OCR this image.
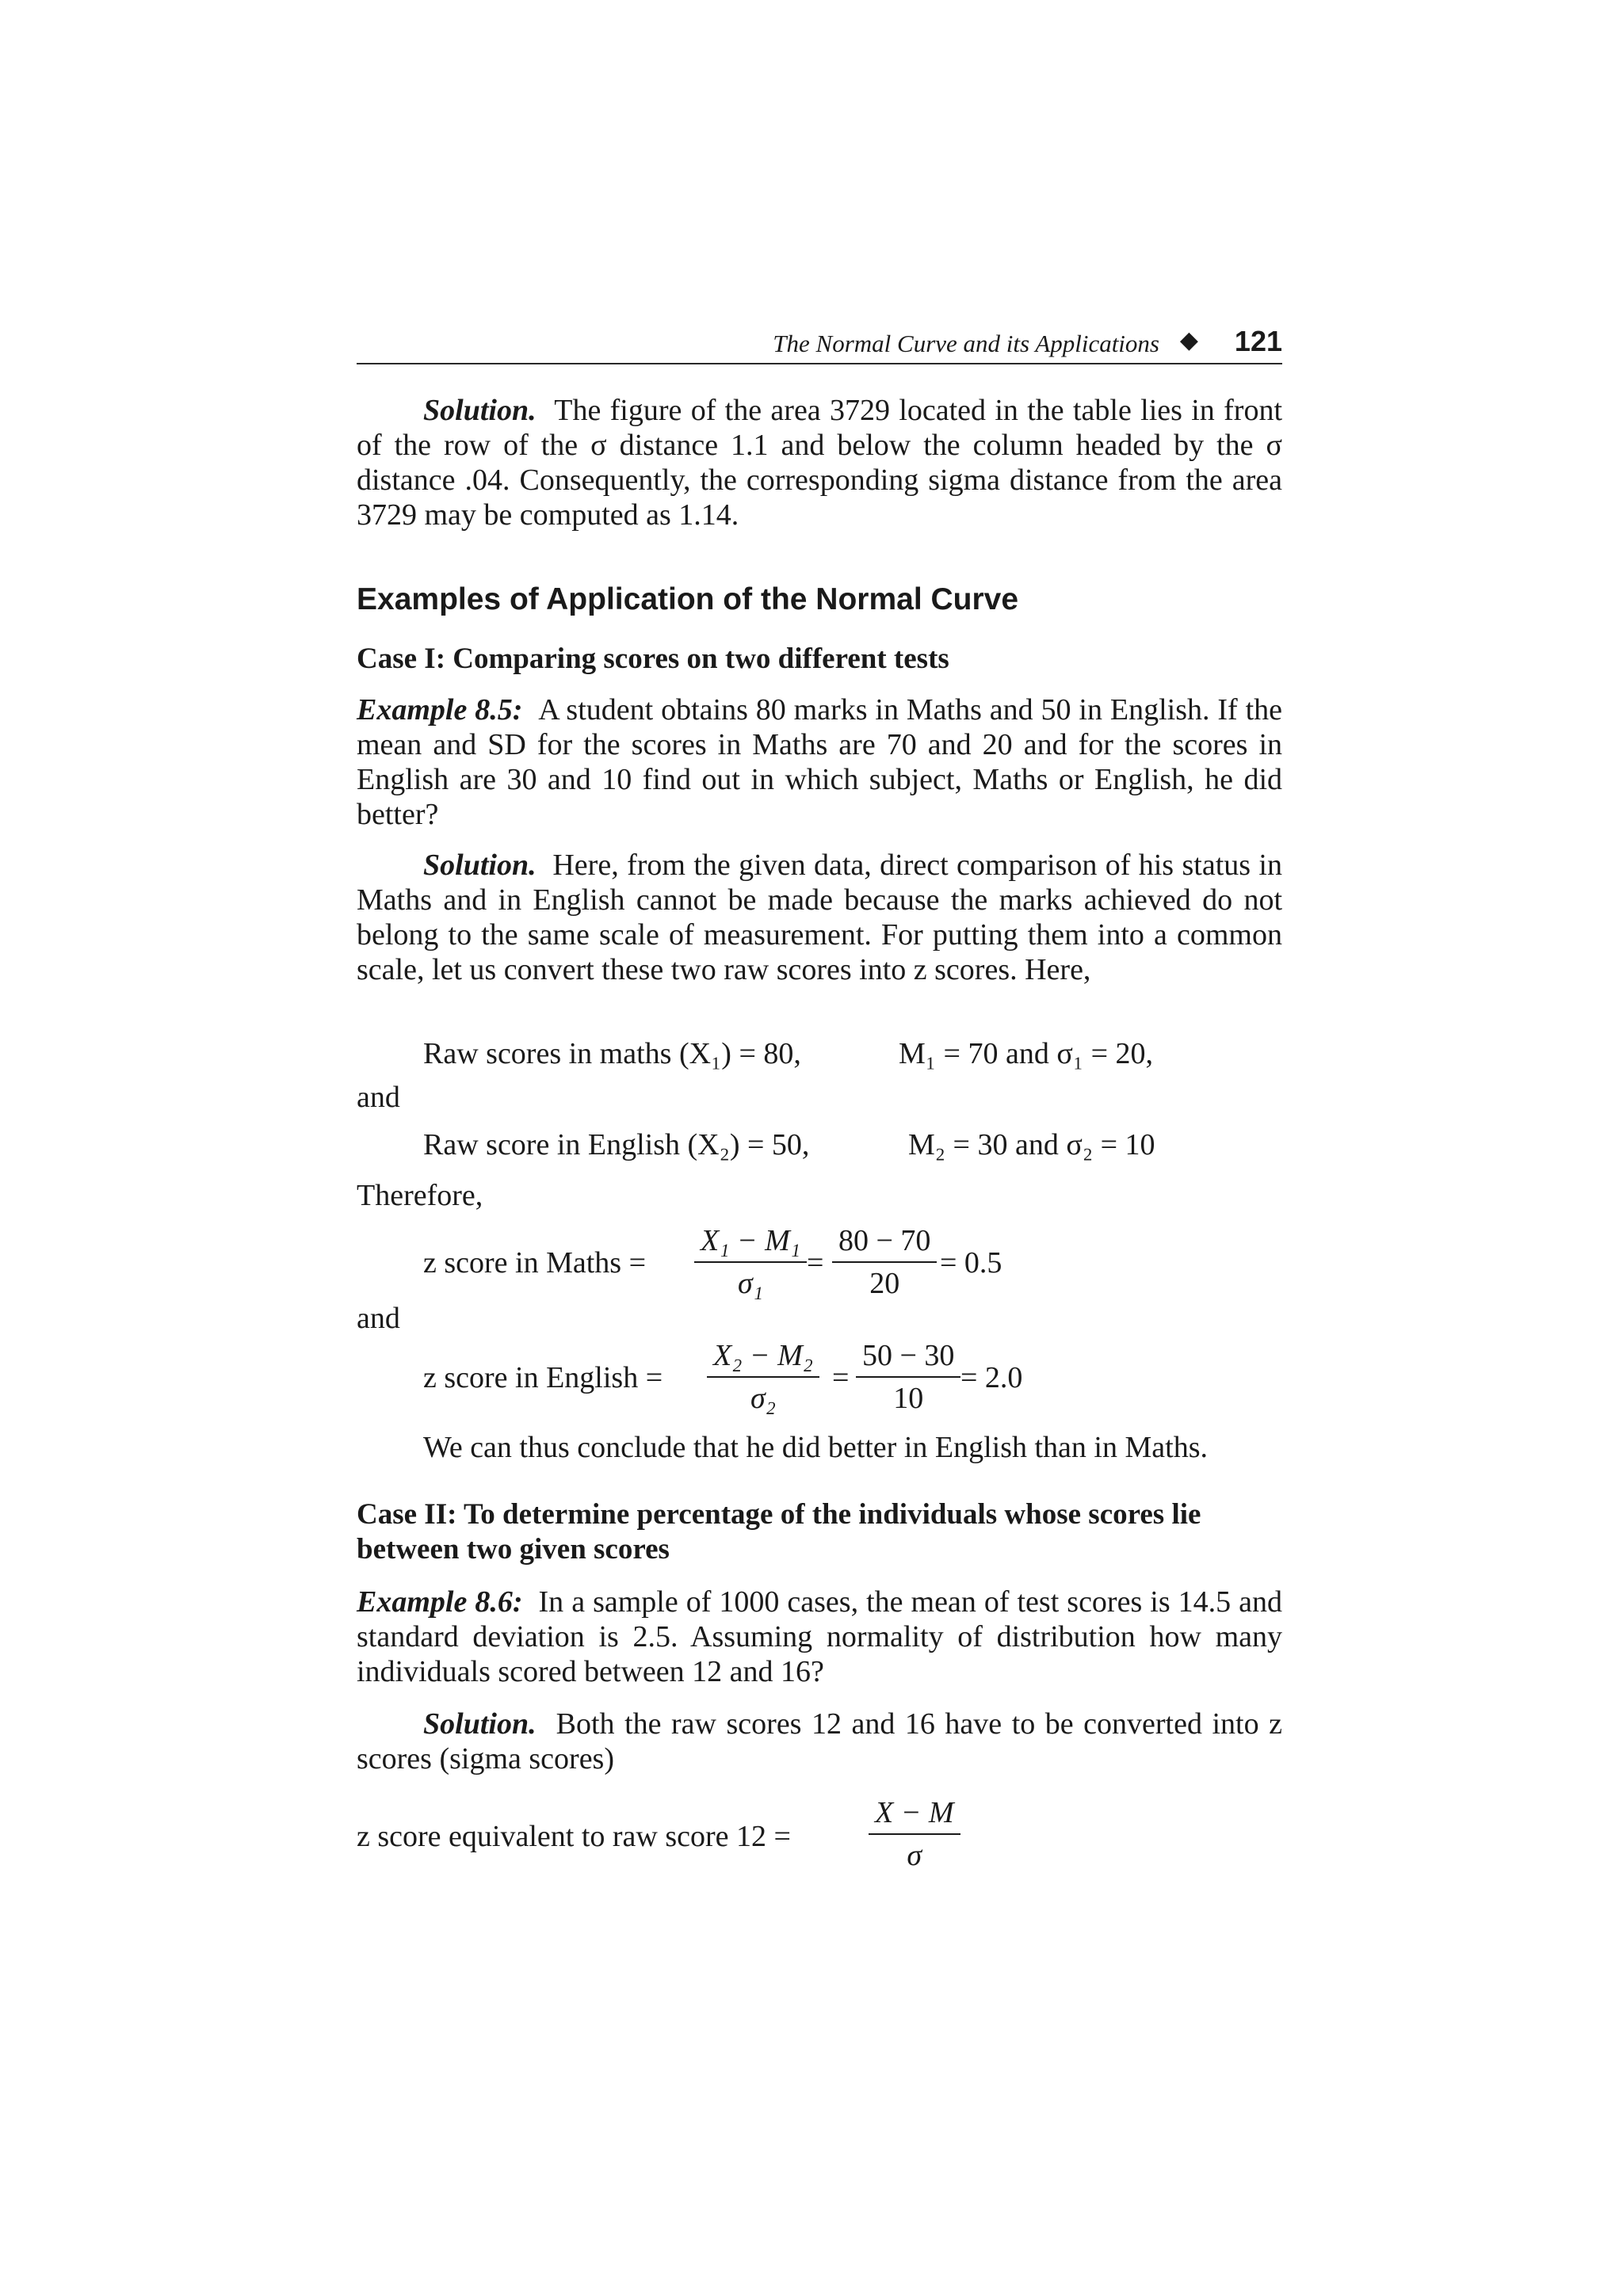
The Normal Curve and its Applications ◆ 121
Solution. The figure of the area 3729 located in the table lies in front of the row of the σ distance 1.1 and below the column headed by the σ distance .04. Consequently, the corresponding sigma distance from the area 3729 may be computed as 1.14.
Examples of Application of the Normal Curve
Case I: Comparing scores on two different tests
Example 8.5: A student obtains 80 marks in Maths and 50 in English. If the mean and SD for the scores in Maths are 70 and 20 and for the scores in English are 30 and 10 find out in which subject, Maths or English, he did better?
Solution. Here, from the given data, direct comparison of his status in Maths and in English cannot be made because the marks achieved do not belong to the same scale of measurement. For putting them into a common scale, let us convert these two raw scores into z scores. Here,
Raw scores in maths (X₁) = 80,	M₁ = 70 and σ₁ = 20,
and
Raw score in English (X₂) = 50,	M₂ = 30 and σ₂ = 10
Therefore,
z score in Maths = $\frac{\text{X₁ − M₁}}{\text{σ₁}} = \frac{80 - 70}{20} = 0.5$
and
z score in English = $\frac{\text{X₂ − M₂}}{\text{σ₂}} = \frac{50 - 30}{10} = 2.0$
We can thus conclude that he did better in English than in Maths.
Case II: To determine percentage of the individuals whose scores lie between two given scores
Example 8.6: In a sample of 1000 cases, the mean of test scores is 14.5 and standard deviation is 2.5. Assuming normality of distribution how many individuals scored between 12 and 16?
Solution. Both the raw scores 12 and 16 have to be converted into z scores (sigma scores)
z score equivalent to raw score 12 =	$\frac{X - M}{\sigma}$
